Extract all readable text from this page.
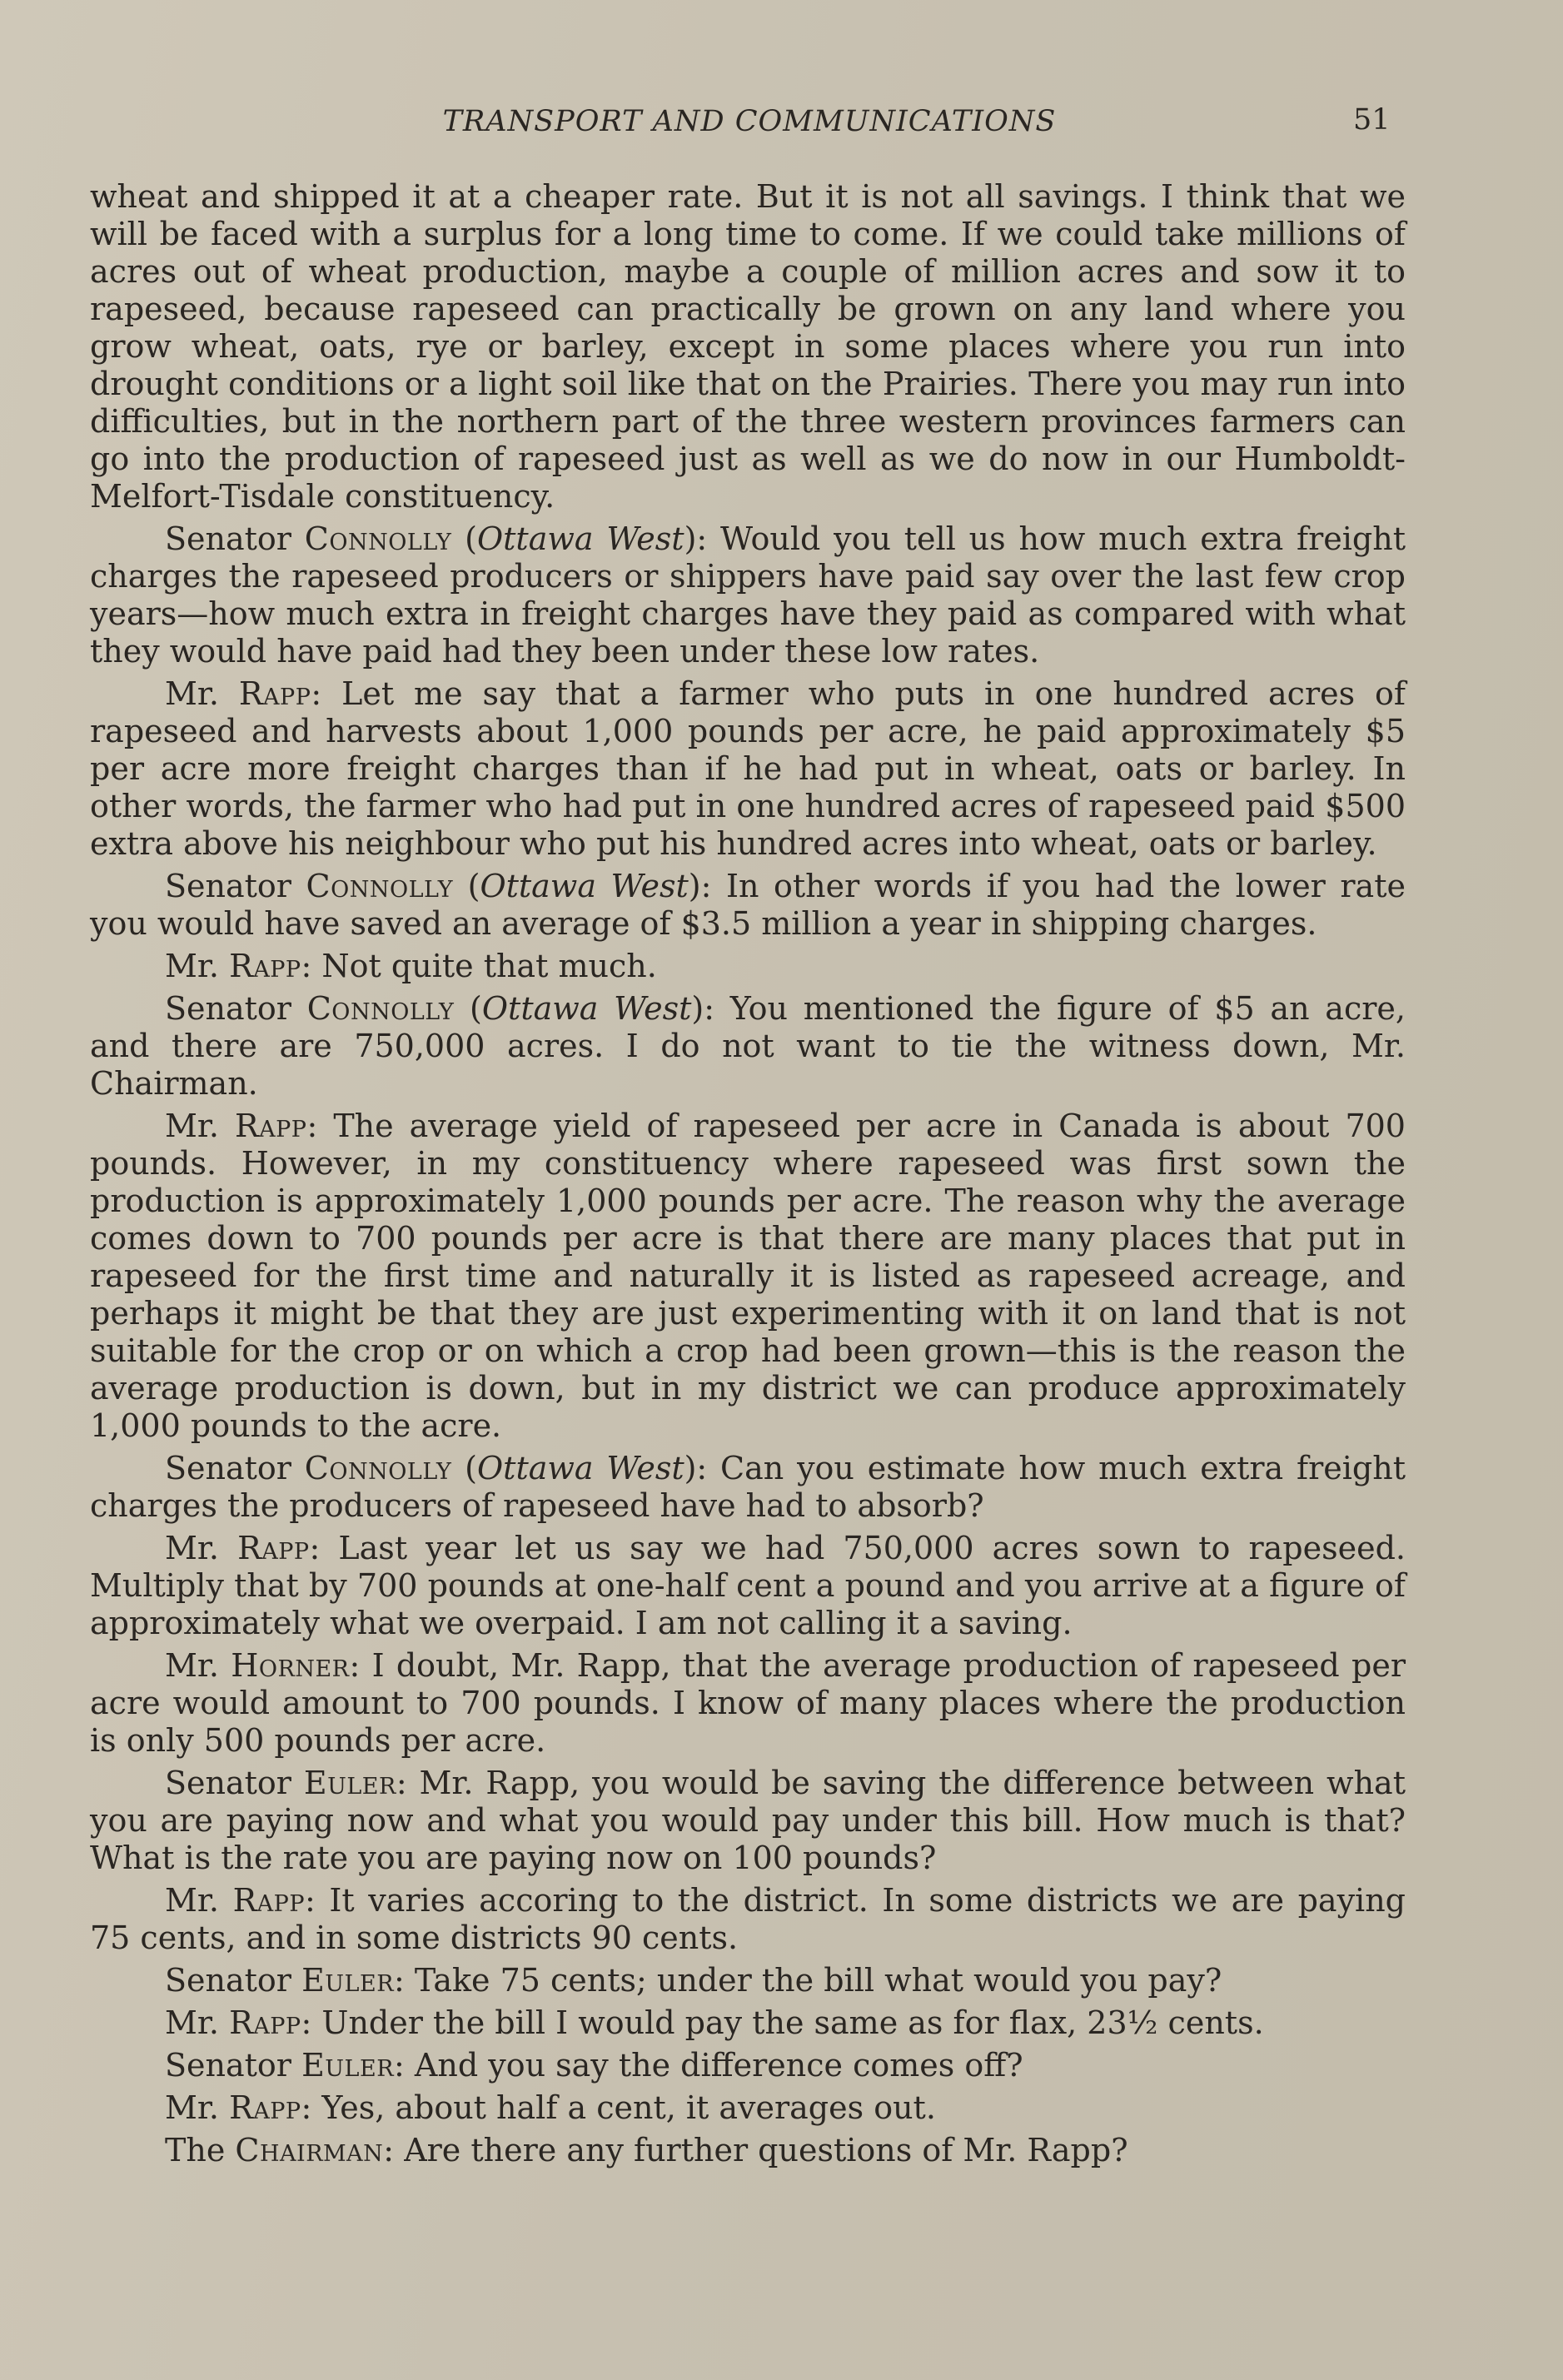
TRANSPORT AND COMMUNICATIONS	51

wheat and shipped it at a cheaper rate. But it is not all savings. I think that we will be faced with a surplus for a long time to come. If we could take millions of acres out of wheat production, maybe a couple of million acres and sow it to rapeseed, because rapeseed can practically be grown on any land where you grow wheat, oats, rye or barley, except in some places where you run into drought conditions or a light soil like that on the Prairies. There you may run into difficulties, but in the northern part of the three western provinces farmers can go into the production of rapeseed just as well as we do now in our Humboldt-Melfort-Tisdale constituency.

Senator Connolly (Ottawa West): Would you tell us how much extra freight charges the rapeseed producers or shippers have paid say over the last few crop years—how much extra in freight charges have they paid as compared with what they would have paid had they been under these low rates.

Mr. Rapp: Let me say that a farmer who puts in one hundred acres of rapeseed and harvests about 1,000 pounds per acre, he paid approximately $5 per acre more freight charges than if he had put in wheat, oats or barley. In other words, the farmer who had put in one hundred acres of rapeseed paid $500 extra above his neighbour who put his hundred acres into wheat, oats or barley.

Senator Connolly (Ottawa West): In other words if you had the lower rate you would have saved an average of $3.5 million a year in shipping charges.

Mr. Rapp: Not quite that much.

Senator Connolly (Ottawa West): You mentioned the figure of $5 an acre, and there are 750,000 acres. I do not want to tie the witness down, Mr. Chairman.

Mr. Rapp: The average yield of rapeseed per acre in Canada is about 700 pounds. However, in my constituency where rapeseed was first sown the production is approximately 1,000 pounds per acre. The reason why the average comes down to 700 pounds per acre is that there are many places that put in rapeseed for the first time and naturally it is listed as rapeseed acreage, and perhaps it might be that they are just experimenting with it on land that is not suitable for the crop or on which a crop had been grown—this is the reason the average production is down, but in my district we can produce approximately 1,000 pounds to the acre.

Senator Connolly (Ottawa West): Can you estimate how much extra freight charges the producers of rapeseed have had to absorb?

Mr. Rapp: Last year let us say we had 750,000 acres sown to rapeseed. Multiply that by 700 pounds at one-half cent a pound and you arrive at a figure of approximately what we overpaid. I am not calling it a saving.

Mr. Horner: I doubt, Mr. Rapp, that the average production of rapeseed per acre would amount to 700 pounds. I know of many places where the production is only 500 pounds per acre.

Senator Euler: Mr. Rapp, you would be saving the difference between what you are paying now and what you would pay under this bill. How much is that? What is the rate you are paying now on 100 pounds?

Mr. Rapp: It varies accoring to the district. In some districts we are paying 75 cents, and in some districts 90 cents.

Senator Euler: Take 75 cents; under the bill what would you pay?

Mr. Rapp: Under the bill I would pay the same as for flax, 23½ cents.

Senator Euler: And you say the difference comes off?

Mr. Rapp: Yes, about half a cent, it averages out.

The Chairman: Are there any further questions of Mr. Rapp?
